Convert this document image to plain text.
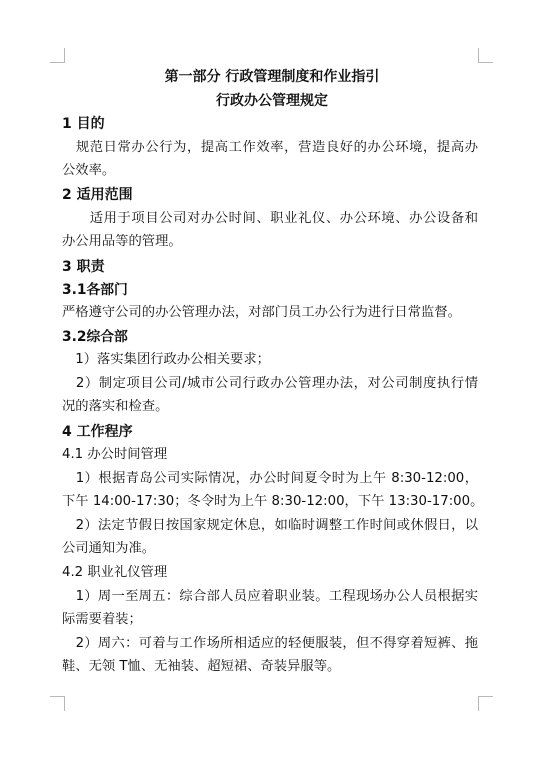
第一部分 行政管理制度和作业指引
行政办公管理规定
1 目的
　规范日常办公行为，提高工作效率，营造良好的办公环境，提高办
公效率。
2 适用范围
　　适用于项目公司对办公时间、职业礼仪、办公环境、办公设备和
办公用品等的管理。
3 职责
3.1各部门
严格遵守公司的办公管理办法，对部门员工办公行为进行日常监督。
3.2综合部
　1）落实集团行政办公相关要求；
　2）制定项目公司/城市公司行政办公管理办法，对公司制度执行情
况的落实和检查。
4 工作程序
4.1 办公时间管理
　1）根据青岛公司实际情况，办公时间夏令时为上午 8:30-12:00，
下午 14:00-17:30；冬令时为上午 8:30-12:00，下午 13:30-17:00。
　2）法定节假日按国家规定休息，如临时调整工作时间或休假日，以
公司通知为准。
4.2 职业礼仪管理
　1）周一至周五：综合部人员应着职业装。工程现场办公人员根据实
际需要着装；
　2）周六：可着与工作场所相适应的轻便服装，但不得穿着短裤、拖
鞋、无领 T恤、无袖装、超短裙、奇装异服等。
